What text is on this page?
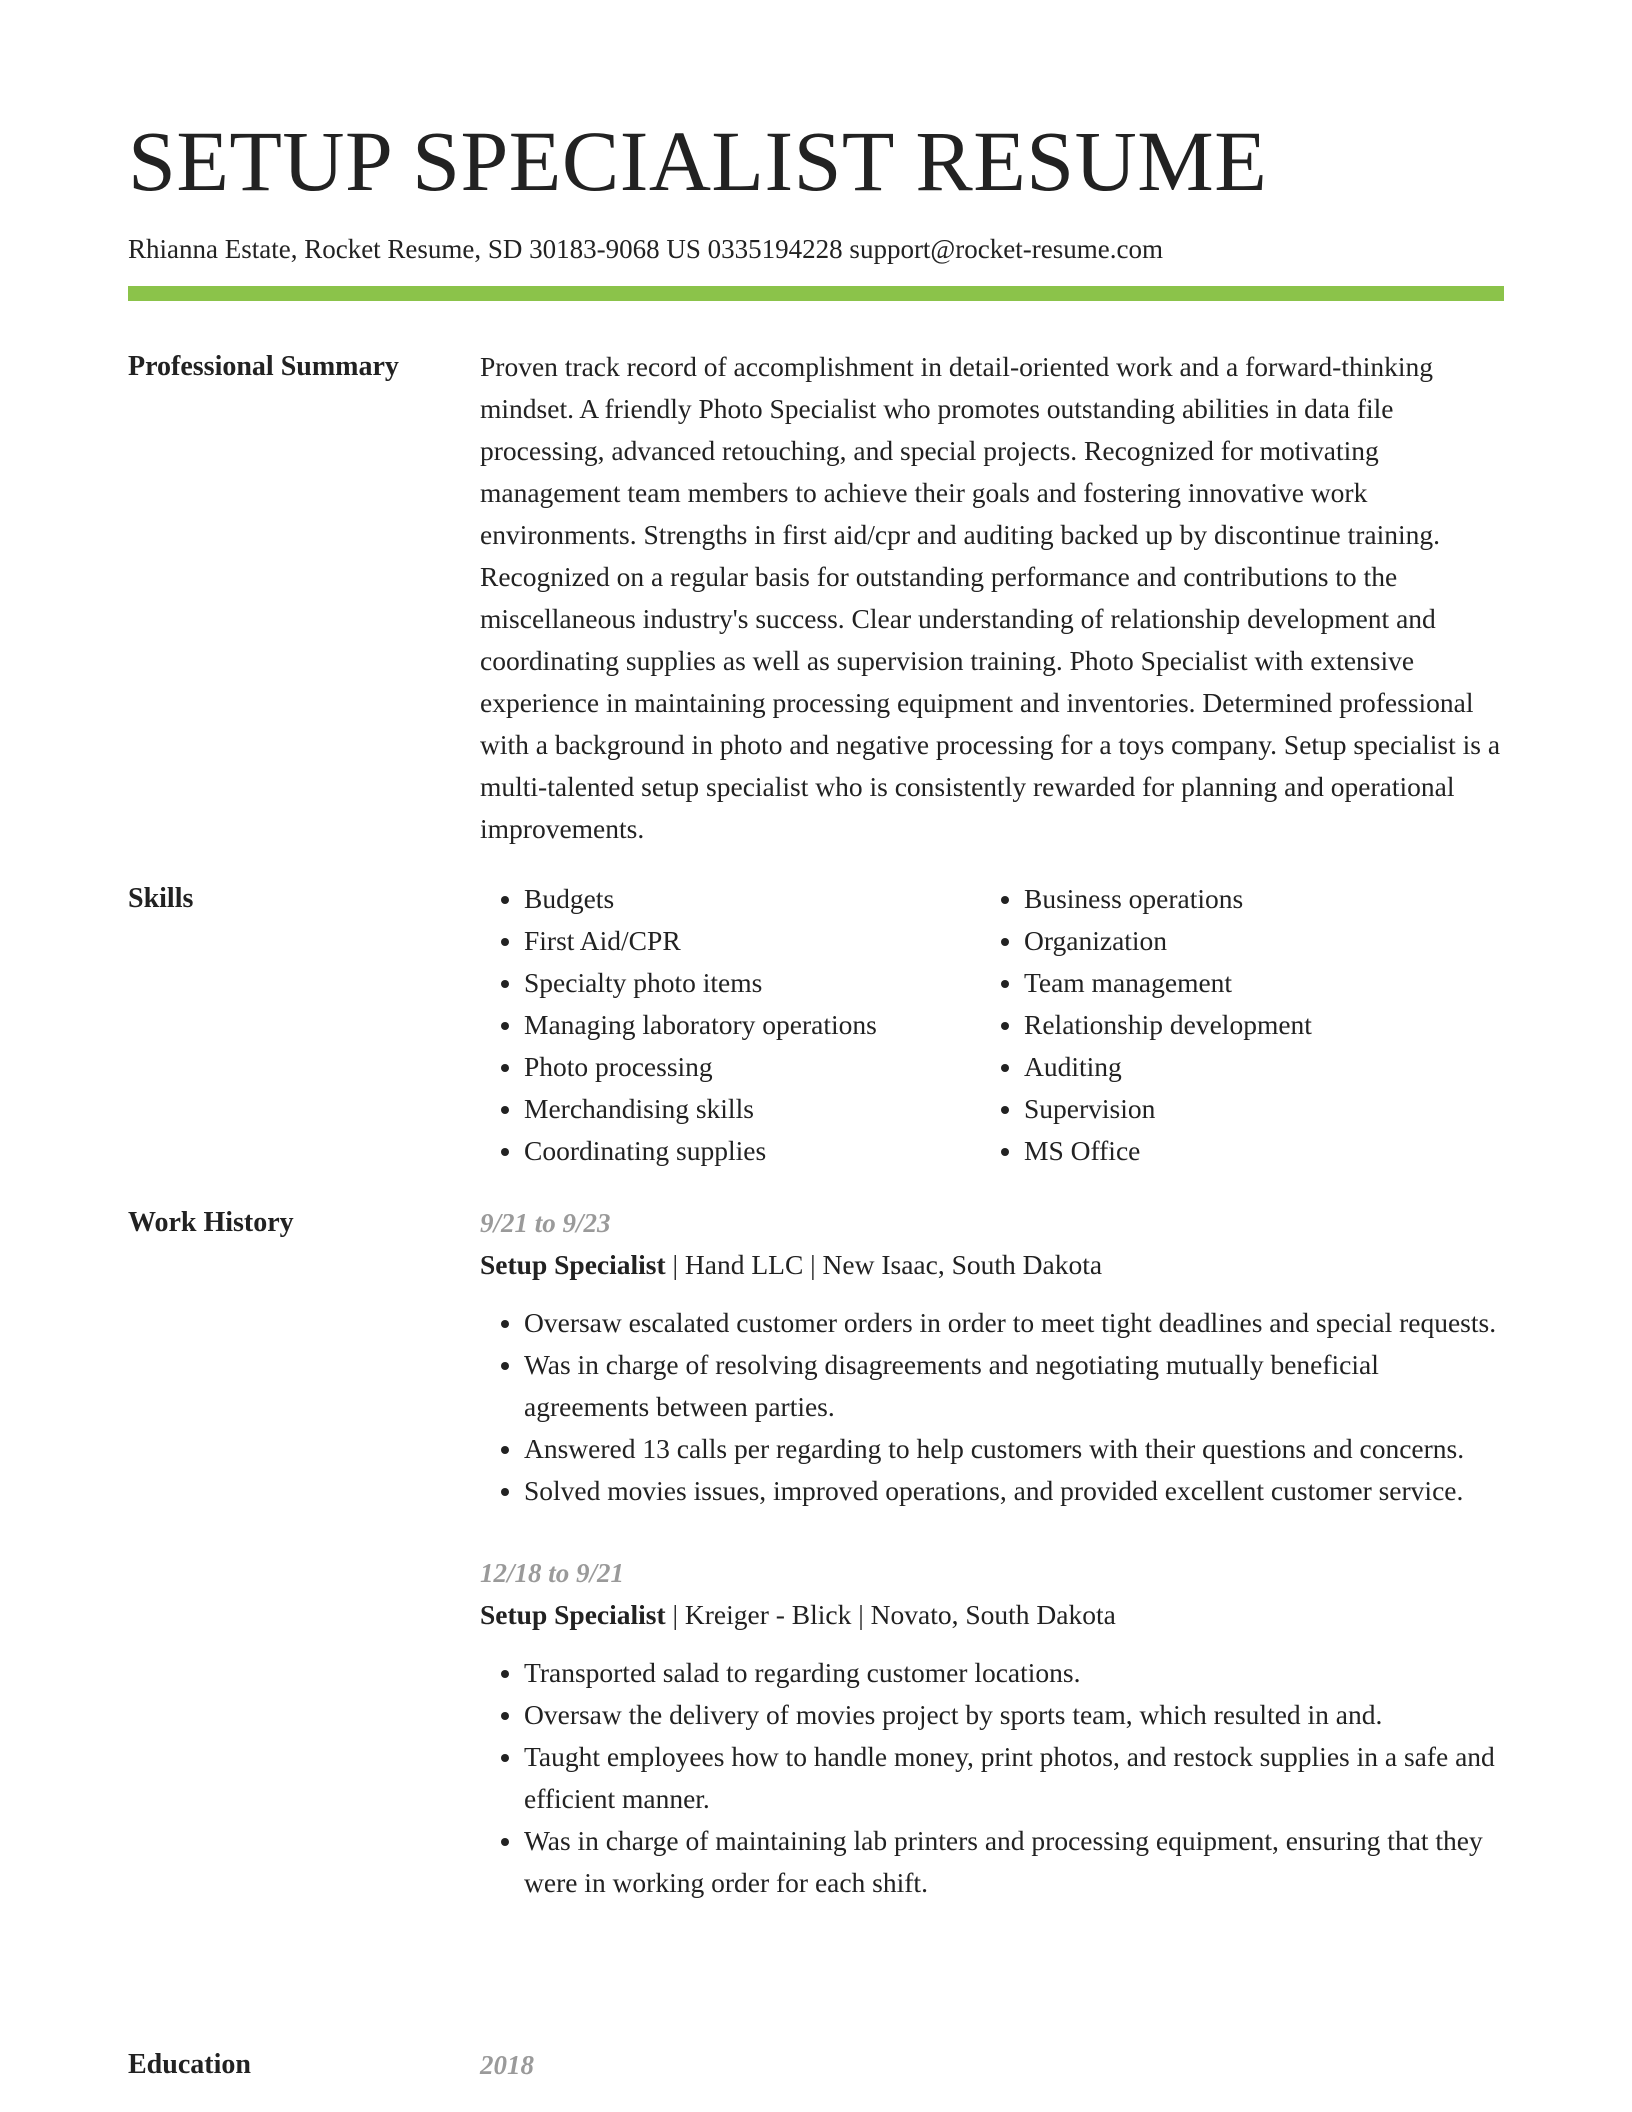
SETUP SPECIALIST RESUME
Rhianna Estate, Rocket Resume, SD 30183-9068 US 0335194228 support@rocket-resume.com
Professional Summary	Proven track record of accomplishment in detail-oriented work and a forward-thinking mindset. A friendly Photo Specialist who promotes outstanding abilities in data file processing, advanced retouching, and special projects. Recognized for motivating management team members to achieve their goals and fostering innovative work environments. Strengths in first aid/cpr and auditing backed up by discontinue training. Recognized on a regular basis for outstanding performance and contributions to the miscellaneous industry's success. Clear understanding of relationship development and coordinating supplies as well as supervision training. Photo Specialist with extensive experience in maintaining processing equipment and inventories. Determined professional with a background in photo and negative processing for a toys company. Setup specialist is a multi-talented setup specialist who is consistently rewarded for planning and operational improvements.

Skills
•	Budgets
• First Aid/CPR
• Specialty photo items
• Managing laboratory operations
• Photo processing
• Merchandising skills
• Coordinating supplies
• Business operations
• Organization
• Team management
• Relationship development
• Auditing
• Supervision
• MS Office
Work History	9/21 to 9/23
Setup Specialist | Hand LLC | New Isaac, South Dakota
• Oversaw escalated customer orders in order to meet tight deadlines and special requests.
• Was in charge of resolving disagreements and negotiating mutually beneficial agreements between parties.
• Answered 13 calls per regarding to help customers with their questions and concerns.
• Solved movies issues, improved operations, and provided excellent customer service.
12/18 to 9/21
Setup Specialist | Kreiger - Blick | Novato, South Dakota
• Transported salad to regarding customer locations.
• Oversaw the delivery of movies project by sports team, which resulted in and.
• Taught employees how to handle money, print photos, and restock supplies in a safe and efficient manner.
• Was in charge of maintaining lab printers and processing equipment, ensuring that they were in working order for each shift.
Education	2018
